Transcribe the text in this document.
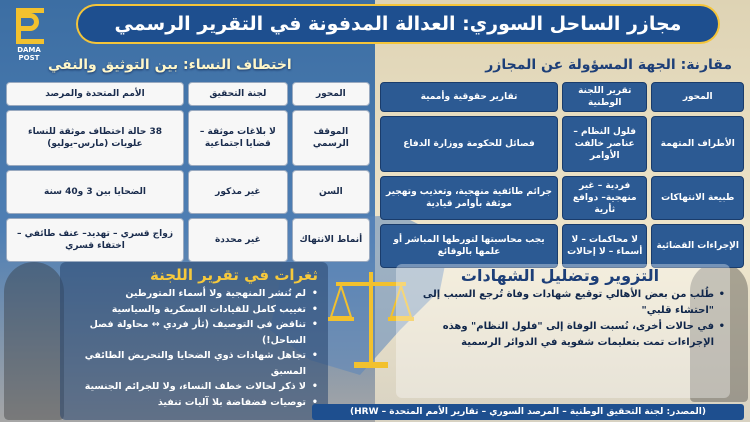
DAMA
POST
مجازر الساحل السوري: العدالة المدفونة في التقرير الرسمي
مقارنة: الجهة المسؤولة عن المجازر
اختطاف النساء: بين التوثيق والنفي
المحور	تقرير اللجنة الوطنية	تقارير حقوقية وأممية
الأطراف المتهمة	فلول النظام – عناصر خالفت الأوامر	فصائل للحكومة ووزارة الدفاع
طبيعة الانتهاكات	فردية – غير منهجية– دوافع ثأرية	جرائم طائفية منهجية، وتعذيب وتهجير موثقة بأوامر قيادية
الإجراءات القضائية	لا محاكمات – لا أسماء – لا إحالات	يجب محاسبتها لتورطها المباشر أو علمها بالوقائع
المحور	لجنة التحقيق	الأمم المتحدة والمرصد
الموقف الرسمي	لا بلاغات موثقة – قضايا اجتماعية	38 حالة اختطاف موثقة للنساء علويات (مارس–يوليو)
السن	غير مذكور	الضحايا بين 3 و40 سنة
أنماط الانتهاك	غير محددة	زواج قسري – تهديد– عنف طائفي – اختفاء قسري
ثغرات في تقرير اللجنة
• لم تُنشر المنهجية ولا أسماء المتورطين
• تغييب كامل للقيادات العسكرية والسياسية
• تناقض في التوصيف (ثأر فردي ↔ محاولة فصل الساحل!)
• تجاهل شهادات ذوي الضحايا والتحريض الطائفي المسبق
• لا ذكر لحالات خطف النساء، ولا للجرائم الجنسية
• توصيات فضفاضة بلا آليات تنفيذ
التزوير وتضليل الشهادات
• طُلب من بعض الأهالي توقيع شهادات وفاة تُرجع السبب إلى "احتشاء قلبي"
• في حالات أخرى، نُسبت الوفاة إلى "فلول النظام" وهذه الإجراءات تمت بتعليمات شفوية في الدوائر الرسمية
(المصدر: لجنة التحقيق الوطنية – المرصد السوري – تقارير الأمم المتحدة – HRW)
